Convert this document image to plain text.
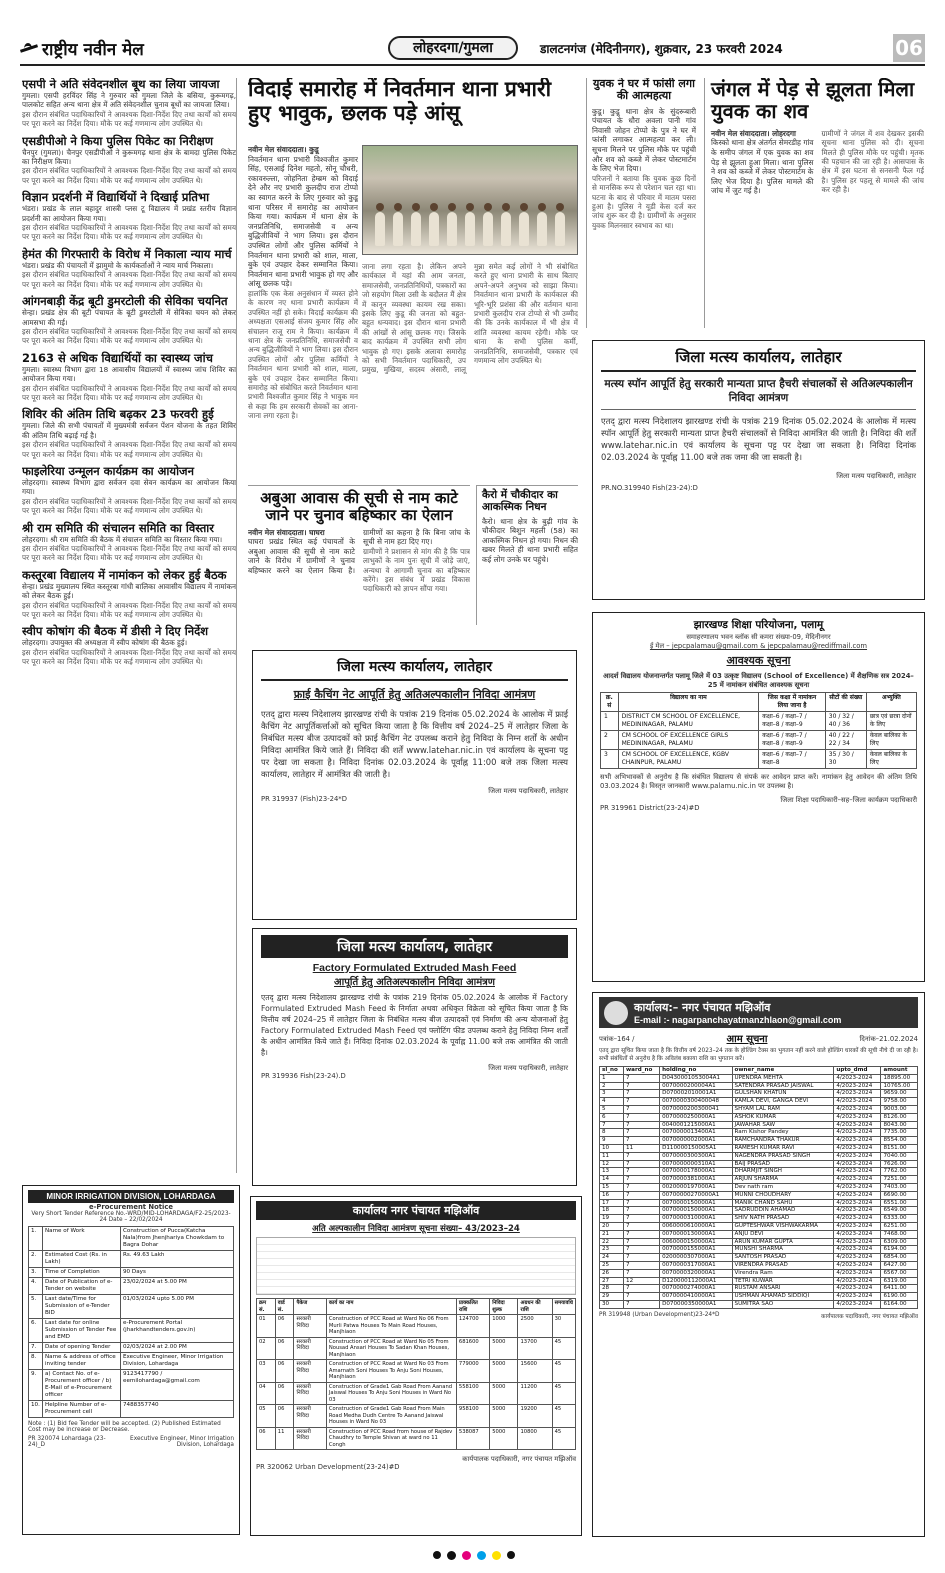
राष्ट्रीय नवीन मेल	लोहरदगा/गुमला	डालटनगंज (मेदिनीनगर), शुक्रवार, 23 फरवरी 2024	06
एसपी ने अति संवेदनशील बूथ का लिया जायजा
गुमला। एसपी हरविंदर सिंह ने गुरुवार को गुमला जिले के बसिया, कुरूमगढ़, पालकोट सहित अन्य थाना क्षेत्र में अति संवेदनशील चुनाव बूथों का जायजा लिया।
इस दौरान संबंधित पदाधिकारियों ने आवश्यक दिशा-निर्देश दिए तथा कार्यों को समय पर पूरा करने का निर्देश दिया। मौके पर कई गणमान्य लोग उपस्थित थे।
एसडीपीओ ने किया पुलिस पिकेट का निरीक्षण
चैनपुर (गुमला)। चैनपुर एसडीपीओ ने कुरूमगढ़ थाना क्षेत्र के बामदा पुलिस पिकेट का निरीक्षण किया।
इस दौरान संबंधित पदाधिकारियों ने आवश्यक दिशा-निर्देश दिए तथा कार्यों को समय पर पूरा करने का निर्देश दिया। मौके पर कई गणमान्य लोग उपस्थित थे।
विज्ञान प्रदर्शनी में विद्यार्थियों ने दिखाई प्रतिभा
भंडरा। प्रखंड के लाल बहादुर शास्त्री प्लस टू विद्यालय में प्रखंड स्तरीय विज्ञान प्रदर्शनी का आयोजन किया गया।
इस दौरान संबंधित पदाधिकारियों ने आवश्यक दिशा-निर्देश दिए तथा कार्यों को समय पर पूरा करने का निर्देश दिया। मौके पर कई गणमान्य लोग उपस्थित थे।
हेमंत की गिरफ्तारी के विरोध में निकाला न्याय मार्च
भंडरा। प्रखंड की पंचायतों में झामुमो के कार्यकर्ताओं ने न्याय मार्च निकाला।
इस दौरान संबंधित पदाधिकारियों ने आवश्यक दिशा-निर्देश दिए तथा कार्यों को समय पर पूरा करने का निर्देश दिया। मौके पर कई गणमान्य लोग उपस्थित थे।
आंगनबाड़ी केंद्र बूटी डुमरटोली की सेविका चयनित
सेन्हा। प्रखंड क्षेत्र की बूटी पंचायत के बूटी डुमरटोली में सेविका चयन को लेकर आमसभा की गई।
इस दौरान संबंधित पदाधिकारियों ने आवश्यक दिशा-निर्देश दिए तथा कार्यों को समय पर पूरा करने का निर्देश दिया। मौके पर कई गणमान्य लोग उपस्थित थे।
2163 से अधिक विद्यार्थियों का स्वास्थ्य जांच
गुमला। स्वास्थ्य विभाग द्वारा 18 आवासीय विद्यालयों में स्वास्थ्य जांच शिविर का आयोजन किया गया।
इस दौरान संबंधित पदाधिकारियों ने आवश्यक दिशा-निर्देश दिए तथा कार्यों को समय पर पूरा करने का निर्देश दिया। मौके पर कई गणमान्य लोग उपस्थित थे।
शिविर की अंतिम तिथि बढ़कर 23 फरवरी हुई
गुमला। जिले की सभी पंचायतों में मुख्यमंत्री सर्वजन पेंशन योजना के तहत शिविर की अंतिम तिथि बढ़ाई गई है।
इस दौरान संबंधित पदाधिकारियों ने आवश्यक दिशा-निर्देश दिए तथा कार्यों को समय पर पूरा करने का निर्देश दिया। मौके पर कई गणमान्य लोग उपस्थित थे।
फाइलेरिया उन्मूलन कार्यक्रम का आयोजन
लोहरदगा। स्वास्थ्य विभाग द्वारा सर्वजन दवा सेवन कार्यक्रम का आयोजन किया गया।
इस दौरान संबंधित पदाधिकारियों ने आवश्यक दिशा-निर्देश दिए तथा कार्यों को समय पर पूरा करने का निर्देश दिया। मौके पर कई गणमान्य लोग उपस्थित थे।
श्री राम समिति की संचालन समिति का विस्तार
लोहरदगा। श्री राम समिति की बैठक में संचालन समिति का विस्तार किया गया।
इस दौरान संबंधित पदाधिकारियों ने आवश्यक दिशा-निर्देश दिए तथा कार्यों को समय पर पूरा करने का निर्देश दिया। मौके पर कई गणमान्य लोग उपस्थित थे।
कस्तूरबा विद्यालय में नामांकन को लेकर हुई बैठक
सेन्हा। प्रखंड मुख्यालय स्थित कस्तूरबा गांधी बालिका आवासीय विद्यालय में नामांकन को लेकर बैठक हुई।
इस दौरान संबंधित पदाधिकारियों ने आवश्यक दिशा-निर्देश दिए तथा कार्यों को समय पर पूरा करने का निर्देश दिया। मौके पर कई गणमान्य लोग उपस्थित थे।
स्वीप कोषांग की बैठक में डीसी ने दिए निर्देश
लोहरदगा। उपायुक्त की अध्यक्षता में स्वीप कोषांग की बैठक हुई।
इस दौरान संबंधित पदाधिकारियों ने आवश्यक दिशा-निर्देश दिए तथा कार्यों को समय पर पूरा करने का निर्देश दिया। मौके पर कई गणमान्य लोग उपस्थित थे।
विदाई समारोह में निवर्तमान थाना प्रभारी हुए भावुक, छलक पड़े आंसू
नवीन मेल संवाददाता। कुडू
निवर्तमान थाना प्रभारी विश्वजीत कुमार सिंह, एसआई दिनेश महतो, सोनू चौधरी, रकावरुल्ला, जोहनिता हेम्ब्रम को विदाई देने और नए प्रभारी कुलदीप राज टोप्पो का स्वागत करने के लिए गुरुवार को कुडू थाना परिसर में समारोह का आयोजन किया गया। कार्यक्रम में थाना क्षेत्र के जनप्रतिनिधि, समाजसेवी व अन्य बुद्धिजीवियों ने भाग लिया। इस दौरान उपस्थित लोगों और पुलिस कर्मियों ने निवर्तमान थाना प्रभारी को शाल, माला, बुके एवं उपहार देकर सम्मानित किया। निवर्तमान थाना प्रभारी भावुक हो गए और आंसू छलक पड़े।
हालांकि एक केस अनुसंधान में व्यस्त होने के कारण नए थाना प्रभारी कार्यक्रम में उपस्थित नहीं हो सके। विदाई कार्यक्रम की अध्यक्षता एसआई संजय कुमार सिंह और संचालन राजू राम ने किया। कार्यक्रम में थाना क्षेत्र के जनप्रतिनिधि, समाजसेवी व अन्य बुद्धिजीवियों ने भाग लिया। इस दौरान उपस्थित लोगों और पुलिस कर्मियों ने निवर्तमान थाना प्रभारी को शाल, माला, बुके एवं उपहार देकर सम्मानित किया। समारोह को संबोधित करते निवर्तमान थाना प्रभारी विश्वजीत कुमार सिंह ने भावुक मन से कहा कि हम सरकारी सेवकों का आना-जाना लगा रहता है।
जाना लगा रहता है। लेकिन अपने कार्यकाल में यहां की आम जनता, समाजसेवी, जनप्रतिनिधियों, पत्रकारों का जो सहयोग मिला उसी के बदौलत मैं क्षेत्र में कानून व्यवस्था कायम रख सका। इसके लिए कुडू की जनता को बहुत-बहुत धन्यवाद। इस दौरान थाना प्रभारी की आंखों से आंसू छलक गए। जिसके बाद कार्यक्रम में उपस्थित सभी लोग भावुक हो गए। इसके अलावा समारोह को सभी निवर्तमान पदाधिकारी, उप प्रमुख, मुखिया, सदस्य अंसारी, लालू मुन्ना समेत कई लोगों ने भी संबोधित करते हुए थाना प्रभारी के साथ बिताए अपने-अपने अनुभव को साझा किया। निवर्तमान थाना प्रभारी के कार्यकाल की भूरि-भूरि प्रशंसा की और वर्तमान थाना प्रभारी कुलदीप राज टोप्पो से भी उम्मीद की कि उनके कार्यकाल में भी क्षेत्र में शांति व्यवस्था कायम रहेगी। मौके पर थाना के सभी पुलिस कर्मी, जनप्रतिनिधि, समाजसेवी, पत्रकार एवं गणमान्य लोग उपस्थित थे।
युवक ने घर में फांसी लगा की आत्महत्या
कुडू। कुडू थाना क्षेत्र के सुंदरूबारी पंचायत के धौरा अवला पानी गांव निवासी जोहन टोप्पो के पुत्र ने घर में फांसी लगाकर आत्महत्या कर ली। सूचना मिलने पर पुलिस मौके पर पहुंची और शव को कब्जे में लेकर पोस्टमार्टम के लिए भेज दिया।
परिजनों ने बताया कि युवक कुछ दिनों से मानसिक रूप से परेशान चल रहा था। घटना के बाद से परिवार में मातम पसरा हुआ है। पुलिस ने यूडी केस दर्ज कर जांच शुरू कर दी है। ग्रामीणों के अनुसार युवक मिलनसार स्वभाव का था।
जंगल में पेड़ से झूलता मिला युवक का शव
नवीन मेल संवाददाता। लोहरदगा
किस्को थाना क्षेत्र अंतर्गत सेमरडीह गांव के समीप जंगल में एक युवक का शव पेड़ से झूलता हुआ मिला। थाना पुलिस ने शव को कब्जे में लेकर पोस्टमार्टम के लिए भेज दिया है। पुलिस मामले की जांच में जुट गई है।
ग्रामीणों ने जंगल में शव देखकर इसकी सूचना थाना पुलिस को दी। सूचना मिलते ही पुलिस मौके पर पहुंची। मृतक की पहचान की जा रही है। आसपास के क्षेत्र में इस घटना से सनसनी फैल गई है। पुलिस हर पहलू से मामले की जांच कर रही है।
अबुआ आवास की सूची से नाम काटे जाने पर चुनाव बहिष्कार का ऐलान
नवीन मेल संवाददाता। घाघरा
घाघरा प्रखंड स्थित कई पंचायतों के अबुआ आवास की सूची से नाम काटे जाने के विरोध में ग्रामीणों ने चुनाव बहिष्कार करने का ऐलान किया है। ग्रामीणों का कहना है कि बिना जांच के सूची से नाम हटा दिए गए।
ग्रामीणों ने प्रशासन से मांग की है कि पात्र लाभुकों के नाम पुनः सूची में जोड़े जाएं, अन्यथा वे आगामी चुनाव का बहिष्कार करेंगे। इस संबंध में प्रखंड विकास पदाधिकारी को ज्ञापन सौंपा गया।
कैरो में चौकीदार का आकस्मिक निधन
कैरो। थाना क्षेत्र के बुढ़ी गांव के चौकीदार बिशुन महली (58) का आकस्मिक निधन हो गया। निधन की खबर मिलते ही थाना प्रभारी सहित कई लोग उनके घर पहुंचे।
जिला मत्स्य कार्यालय, लातेहार
मत्स्य स्पॉन आपूर्ति हेतु सरकारी मान्यता प्राप्त हैचरी संचालकों से अतिअल्पकालीन निविदा आमंत्रण
एतद् द्वारा मत्स्य निदेशालय झारखण्ड रांची के पत्रांक 219 दिनांक 05.02.2024 के आलोक में मत्स्य स्पॉन आपूर्ति हेतु सरकारी मान्यता प्राप्त हैचरी संचालकों से निविदा आमंत्रित की जाती है। निविदा की शर्तें www.latehar.nic.in एवं कार्यालय के सूचना पट्ट पर देखा जा सकता है। निविदा दिनांक 02.03.2024 के पूर्वाह्न 11.00 बजे तक जमा की जा सकती है।
जिला मत्स्य पदाधिकारी, लातेहार
PR.NO.319940 Fish(23-24):D
जिला मत्स्य कार्यालय, लातेहार
फ्राई कैचिंग नेट आपूर्ति हेतु अतिअल्पकालीन निविदा आमंत्रण
एतद् द्वारा मत्स्य निदेशालय झारखण्ड रांची के पत्रांक 219 दिनांक 05.02.2024 के आलोक में फ्राई कैचिंग नेट आपूर्तिकर्त्ताओं को सूचित किया जाता है कि वित्तीय वर्ष 2024–25 में लातेहार जिला के निबंधित मत्स्य बीज उत्पादकों को फ्राई कैचिंग नेट उपलब्ध कराने हेतु निविदा के निम्न शर्तों के अधीन निविदा आमंत्रित किये जाते हैं। निविदा की शर्तें www.latehar.nic.in एवं कार्यालय के सूचना पट्ट पर देखा जा सकता है। निविदा दिनांक 02.03.2024 के पूर्वाह्न 11:00 बजे तक जिला मत्स्य कार्यालय, लातेहार में आमंत्रित की जाती है।
जिला मत्स्य पदाधिकारी, लातेहार
PR 319937 (Fish)23-24*D
जिला मत्स्य कार्यालय, लातेहार
Factory Formulated Extruded Mash Feed
आपूर्ति हेतु अतिअल्पकालीन निविदा आमंत्रण
एतद् द्वारा मत्स्य निदेशालय झारखण्ड रांची के पत्रांक 219 दिनांक 05.02.2024 के आलोक में Factory Formulated Extruded Mash Feed के निर्माता अथवा अधिकृत विक्रेता को सूचित किया जाता है कि वित्तीय वर्ष 2024–25 में लातेहार जिला के निबंधित मत्स्य बीज उत्पादकों एवं निर्माण की अन्य योजनाओं हेतु Factory Formulated Extruded Mash Feed एवं फ्लोटिंग फीड उपलब्ध कराने हेतु निविदा निम्न शर्तों के अधीन आमंत्रित किये जाते हैं। निविदा दिनांक 02.03.2024 के पूर्वाह्न 11.00 बजे तक आमंत्रित की जाती है।
जिला मत्स्य पदाधिकारी, लातेहार
PR 319936 Fish(23-24).D
झारखण्ड शिक्षा परियोजना, पलामू
समाहरणालय भवन ब्लॉक सी कमरा संख्या-09, मेदिनीनगर
ई मेल – jepcpalamau@gmail.com & jepcpalamau@rediffmail.com
आवश्यक सूचना
आदर्श विद्यालय योजनान्तर्गत पलामू जिले में 03 उत्कृष्ट विद्यालय (School of Excellence) में शैक्षणिक सत्र 2024–25 में नामांकन संबंधित आवश्यक सूचना
क्र. सं	विद्यालय का नाम	जिस कक्षा में नामांकन लिया जाना है	सीटों की संख्या	अभ्युक्ति
1	DISTRICT CM SCHOOL OF EXCELLENCE, MEDININAGAR, PALAMU	कक्षा–6 / कक्षा–7 / कक्षा–8 / कक्षा–9	30 / 32 / 40 / 36	छात्र एवं छात्रा दोनों के लिए
2	CM SCHOOL OF EXCELLENCE GIRLS MEDININAGAR, PALAMU	कक्षा–6 / कक्षा–7 / कक्षा–8 / कक्षा–9	40 / 22 / 22 / 34	केवल बालिका के लिए
3	CM SCHOOL OF EXCELLENCE, KGBV CHAINPUR, PALAMU	कक्षा–6 / कक्षा–7 / कक्षा–8	35 / 30 / 30	केवल बालिका के लिए
सभी अभिभावकों से अनुरोध है कि संबंधित विद्यालय से संपर्क कर आवेदन प्राप्त करें। नामांकन हेतु आवेदन की अंतिम तिथि 03.03.2024 है। विस्तृत जानकारी www.palamu.nic.in पर उपलब्ध है।
जिला शिक्षा पदाधिकारी–सह–जिला कार्यक्रम पदाधिकारी
PR 319961 District(23-24)#D
MINOR IRRIGATION DIVISION, LOHARDAGA
e-Procurement Notice
Very Short Tender Reference No.-WRD/MID-LOHARDAGA/F2-25/2023-24 Date – 22/02/2024
1.	Name of Work	Construction of Pucca(Katcha Nala)from Jhenjhariya Chowkdam to Bagra Dohar
2.	Estimated Cost (Rs. in Lakh)	Rs. 49.63 Lakh
3.	Time of Completion	90 Days
4.	Date of Publication of e-Tender on website	23/02/2024 at 5.00 PM
5.	Last date/Time for Submission of e-Tender BID	01/03/2024 upto 5.00 PM
6.	Last date for online Submission of Tender Fee and EMD	e-Procurement Portal (jharkhandtenders.gov.in)
7.	Date of opening Tender	02/03/2024 at 2.00 PM
8.	Name & address of office inviting tender	Executive Engineer, Minor Irrigation Division, Lohardaga
9.	a) Contact No. of e-Procurement officer / b) E-Mail of e-Procurement officer	9123417790 / eemilohardaga@gmail.com
10.	Helpline Number of e-Procurement cell	7488357740
Note : (1) Bid fee Tender will be accepted. (2) Published Estimated Cost may be increase or Decrease.
PR 320074 Lohardaga (23-24)_D
Executive Engineer, Minor Irrigation Division, Lohardaga
कार्यालय नगर पंचायत मझिऑव
अति अल्पकालीन निविदा आमंत्रण सूचना संख्या– 43/2023–24
क्रम सं.	वार्ड सं.	पैकेज	कार्य का नाम	प्राक्कलित राशि	निविदा शुल्क	अग्रधन की राशि	समयावधि
01	06	सरकारी निविदा	Construction of PCC Road at Ward No 06 From Murli Patwa Houses To Main Road Houses, Manjhiaon	124700	1000	2500	30
02	06	सरकारी निविदा	Construction of PCC Road at Ward No 05 From Nousad Ansari Houses To Sadan Khan Houses, Manjhiaon	681600	5000	13700	45
03	06	सरकारी निविदा	Construction of PCC Road at Ward No 03 From Amarnath Soni Houses To Anju Soni Houses, Manjhiaon	779000	5000	15600	45
04	06	सरकारी निविदा	Construction of Grade1 Gab Road From Aanand Jaiswal Houses To Anju Soni Houses in Ward No 03	558100	5000	11200	45
05	06	सरकारी निविदा	Construction of Grade1 Gab Road From Main Road Medha Dudh Centre To Aanand Jaiswal Houses in Ward No 03	958100	5000	19200	45
06	11	सरकारी निविदा	Construction of PCC Road from house of Rajdev Chaudhry to Temple Shivan at ward no 11 Congh	538087	5000	10800	45
कार्यपालक पदाधिकारी, नगर पंचायत मझिऑव
PR 320062 Urban Development(23-24)#D
कार्यालय:– नगर पंचायत मझिऑव
E-mail :- nagarpanchayatmanzhlaon@gmail.com
पत्रांक–164 /	आम सूचना	दिनांक–21.02.2024
एतद् द्वारा सूचित किया जाता है कि वित्तीय वर्ष 2023–24 तक के होल्डिंग टैक्स का भुगतान नहीं करने वाले होल्डिंग धारकों की सूची नीचे दी जा रही है। सभी संबंधितों से अनुरोध है कि अविलंब बकाया राशि का भुगतान करें।
sl_no	ward_no	holding_no	owner_name	upto_dmd	amount
1	7	D0430001053004A1	UPENDRA MEHTA	4/2023-2024	18895.00
2	7	0070000200004A1	SATENDRA PRASAD JAISWAL	4/2023-2024	10765.00
3	7	D070002010001A1	GULSHAN KHATUN	4/2023-2024	9659.00
4	7	0070000300400048	KAMLA DEVI, GANGA DEVI	4/2023-2024	9758.00
5	7	0070000200300041	SHYAM LAL RAM	4/2023-2024	9003.00
6	7	0070000250000A1	ASHOK KUMAR	4/2023-2024	8126.00
7	7	0040001215000A1	JAWAHAR SAW	4/2023-2024	8043.00
8	7	0070000013400A1	Ram Kishor Pandey	4/2023-2024	7735.00
9	7	0070000002000A1	RAMCHANDRA THAKUR	4/2023-2024	8554.00
10	11	D110000150005A1	RAMESH KUMAR RAVI	4/2023-2024	8151.00
11	7	0070000300300A1	NAGENDRA PRASAD SINGH	4/2023-2024	7040.00
12	7	0070000000310A1	BAIJ PRASAD	4/2023-2024	7626.00
13	7	0070000178000A1	DHARMJIT SINGH	4/2023-2024	7762.00
14	7	0070000381000A1	ARJUN SHARMA	4/2023-2024	7251.00
15	7	0020000197000A1	Dev nath ram	4/2023-2024	7403.00
16	7	00700000270000A1	MUNNI CHOUDHARY	4/2023-2024	6690.00
17	7	0070000150000A1	MANIK CHAND SAHU	4/2023-2024	6551.00
18	7	0070000150000A1	SADRUDDIN AHAMAD	4/2023-2024	6549.00
19	7	0070000310000A1	SHIV NATH PRASAD	4/2023-2024	6333.00
20	7	0060000610000A1	GUPTESHWAR VISHWAKARMA	4/2023-2024	6251.00
21	7	0070000130000A1	ANJU DEVI	4/2023-2024	7468.00
22	7	0060000150000A1	ARUN KUMAR GUPTA	4/2023-2024	6309.00
23	7	0070000155000A1	MUNSHI SHARMA	4/2023-2024	6194.00
24	7	0200000307000A1	SANTOSH PRASAD	4/2023-2024	6854.00
25	7	0070000317000A1	VIRENDRA PRASAD	4/2023-2024	6427.00
26	7	0070000320000A1	Virendra Ram	4/2023-2024	6567.00
27	12	D120000112000A1	TETRI KUWAR	4/2023-2024	6319.00
28	7	0070000274000A1	RUSTAM ANSARI	4/2023-2024	6411.00
29	7	0070000410000A1	USHMAN AHAMAD SIDDIQI	4/2023-2024	6190.00
30	7	D070000350000A1	SUMITRA SAO	4/2023-2024	6164.00
PR 319948 (Urban Development)23-24*D	कार्यपालक पदाधिकारी, नगर पंचायत मझिऑव
